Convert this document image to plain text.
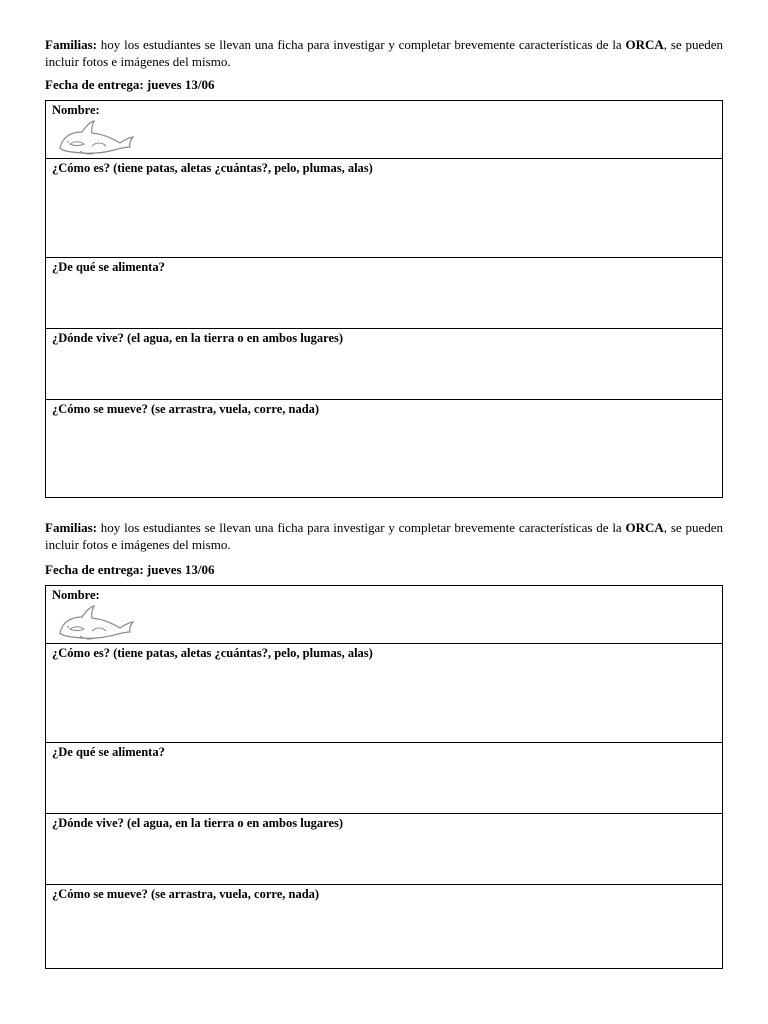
Familias: hoy los estudiantes se llevan una ficha para investigar y completar brevemente características de la ORCA, se pueden incluir fotos e imágenes del mismo.

Fecha de entrega: jueves 13/06

Nombre:

¿Cómo es? (tiene patas, aletas ¿cuántas?, pelo, plumas, alas)
¿De qué se alimenta?
¿Dónde vive? (el agua, en la tierra o en ambos lugares)
¿Cómo se mueve? (se arrastra, vuela, corre, nada)

Familias: hoy los estudiantes se llevan una ficha para investigar y completar brevemente características de la ORCA, se pueden incluir fotos e imágenes del mismo.

Fecha de entrega: jueves 13/06

Nombre:

¿Cómo es? (tiene patas, aletas ¿cuántas?, pelo, plumas, alas)
¿De qué se alimenta?
¿Dónde vive? (el agua, en la tierra o en ambos lugares)
¿Cómo se mueve? (se arrastra, vuela, corre, nada)
